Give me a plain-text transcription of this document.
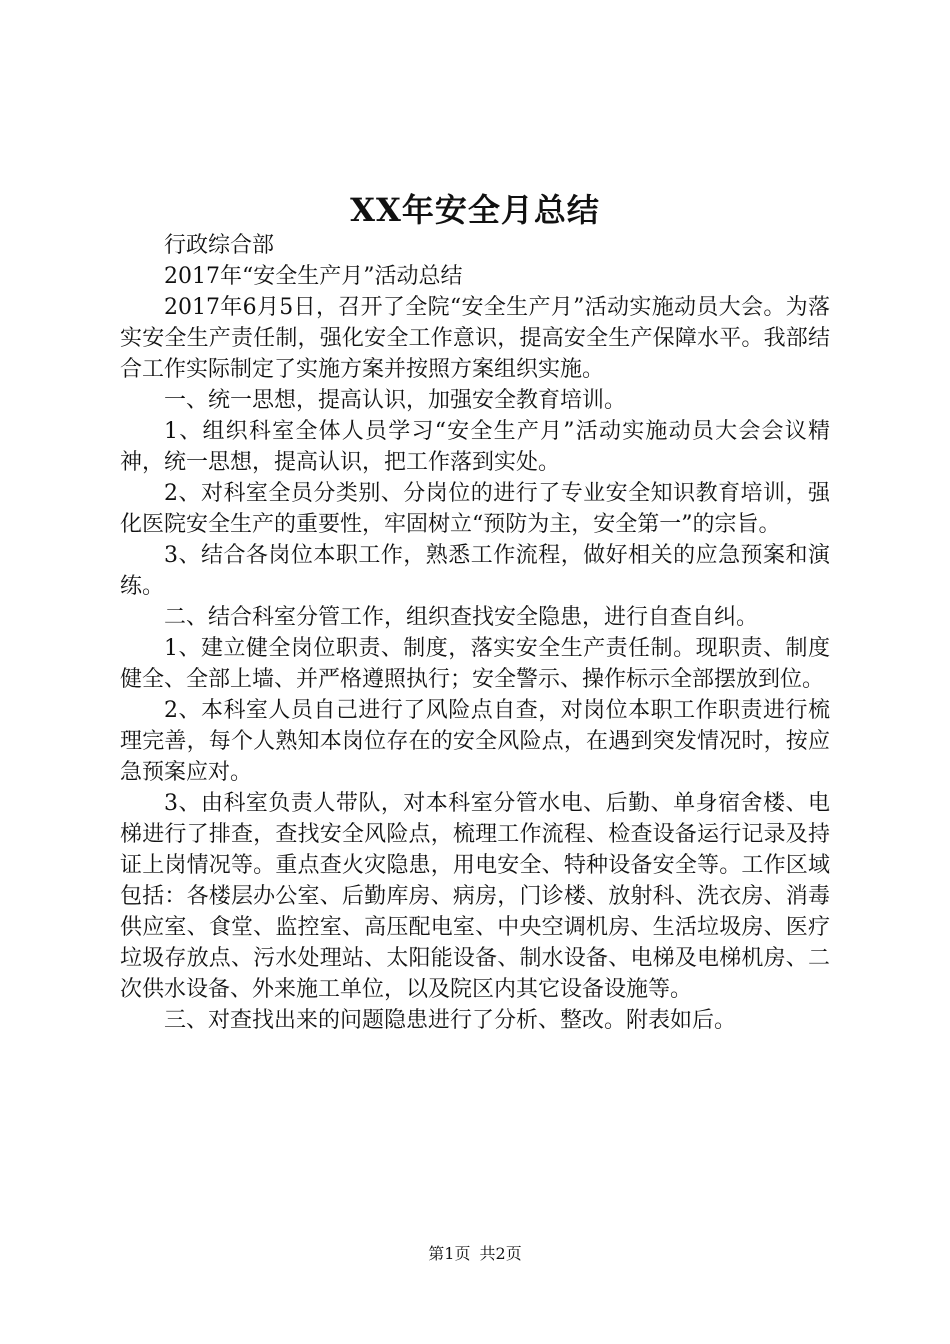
XX年安全月总结

行政综合部

2017年“安全生产月”活动总结

2017年6月5日，召开了全院“安全生产月”活动实施动员大会。为落实安全生产责任制，强化安全工作意识，提高安全生产保障水平。我部结合工作实际制定了实施方案并按照方案组织实施。

一、统一思想，提高认识，加强安全教育培训。

1、组织科室全体人员学习“安全生产月”活动实施动员大会会议精神，统一思想，提高认识，把工作落到实处。

2、对科室全员分类别、分岗位的进行了专业安全知识教育培训，强化医院安全生产的重要性，牢固树立“预防为主，安全第一”的宗旨。

3、结合各岗位本职工作，熟悉工作流程，做好相关的应急预案和演练。

二、结合科室分管工作，组织查找安全隐患，进行自查自纠。

1、建立健全岗位职责、制度，落实安全生产责任制。现职责、制度健全、全部上墙、并严格遵照执行；安全警示、操作标示全部摆放到位。

2、本科室人员自己进行了风险点自查，对岗位本职工作职责进行梳理完善，每个人熟知本岗位存在的安全风险点，在遇到突发情况时，按应急预案应对。

3、由科室负责人带队，对本科室分管水电、后勤、单身宿舍楼、电梯进行了排查，查找安全风险点，梳理工作流程、检查设备运行记录及持证上岗情况等。重点查火灾隐患，用电安全、特种设备安全等。工作区域包括：各楼层办公室、后勤库房、病房，门诊楼、放射科、洗衣房、消毒供应室、食堂、监控室、高压配电室、中央空调机房、生活垃圾房、医疗垃圾存放点、污水处理站、太阳能设备、制水设备、电梯及电梯机房、二次供水设备、外来施工单位，以及院区内其它设备设施等。

三、对查找出来的问题隐患进行了分析、整改。附表如后。

第1页 共2页
